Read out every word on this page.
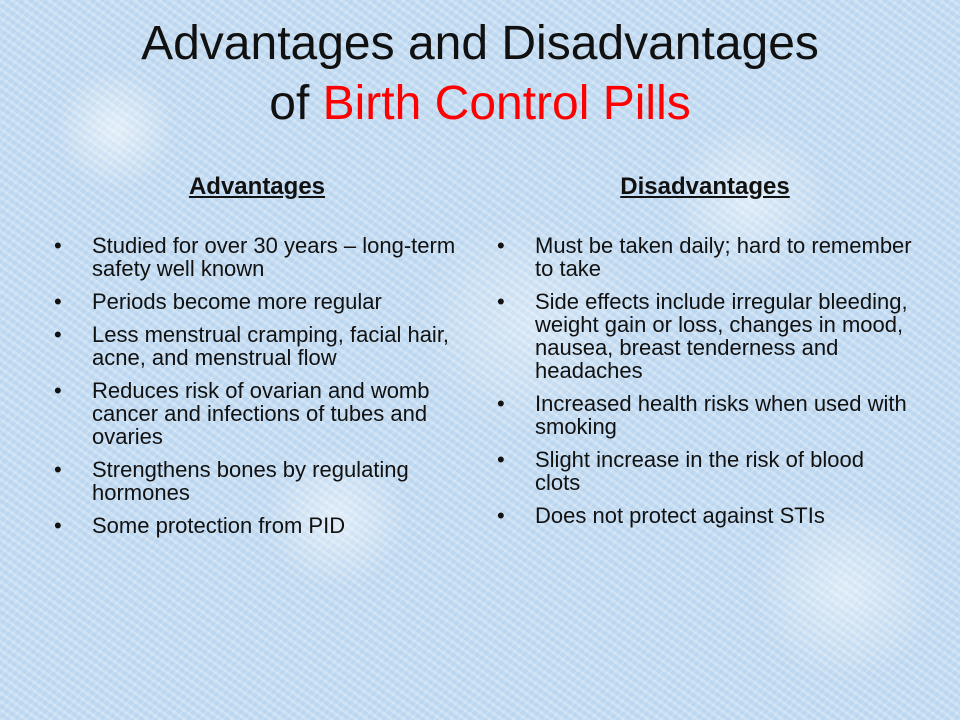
Advantages and Disadvantages
of Birth Control Pills
Advantages
• Studied for over 30 years – long-term safety well known
• Periods become more regular
• Less menstrual cramping, facial hair, acne, and menstrual flow
• Reduces risk of ovarian and womb cancer and infections of tubes and ovaries
• Strengthens bones by regulating hormones
• Some protection from PID
Disadvantages
• Must be taken daily; hard to remember to take
• Side effects include irregular bleeding, weight gain or loss, changes in mood, nausea, breast tenderness and headaches
• Increased health risks when used with smoking
• Slight increase in the risk of blood clots
• Does not protect against STIs
